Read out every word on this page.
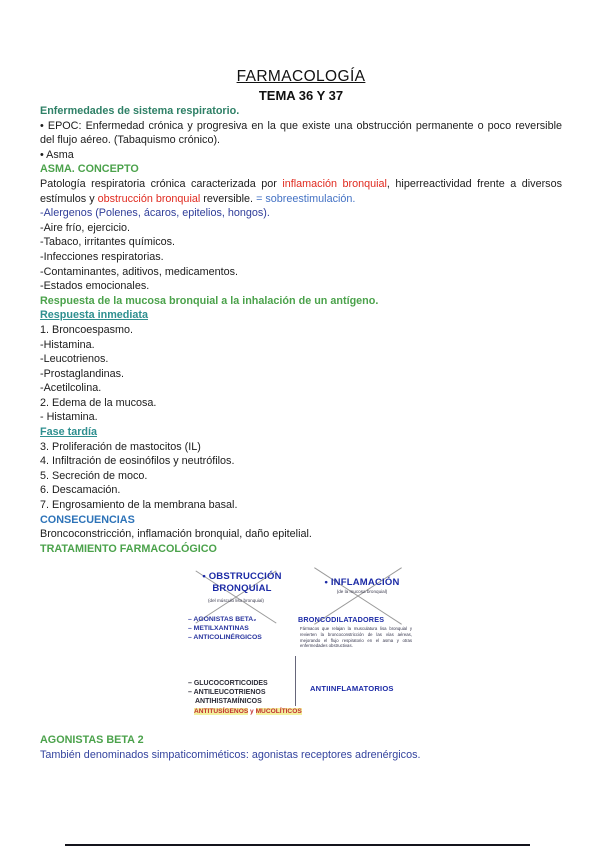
FARMACOLOGÍA
TEMA 36 Y 37

Enfermedades de sistema respiratorio.

• EPOC: Enfermedad crónica y progresiva en la que existe una obstrucción permanente o poco reversible del flujo aéreo. (Tabaquismo crónico).

• Asma

ASMA. CONCEPTO

Patología respiratoria crónica caracterizada por inflamación bronquial, hiperreactividad frente a diversos estímulos y obstrucción bronquial reversible. = sobreestimulación.

-Alergenos (Polenes, ácaros, epitelios, hongos).

-Aire frío, ejercicio.

-Tabaco, irritantes químicos.

-Infecciones respiratorias.

-Contaminantes, aditivos, medicamentos.

-Estados emocionales.

Respuesta de la mucosa bronquial a la inhalación de un antígeno.

Respuesta inmediata

1. Broncoespasmo.

-Histamina.

-Leucotrienos.

-Prostaglandinas.

-Acetilcolina.

2. Edema de la mucosa.

- Histamina.

Fase tardía

3. Proliferación de mastocitos (IL)

4. Infiltración de eosinófilos y neutrófilos.

5. Secreción de moco.

6. Descamación.

7. Engrosamiento de la membrana basal.

CONSECUENCIAS

Broncoconstricción, inflamación bronquial, daño epitelial.

TRATAMIENTO FARMACOLÓGICO

• OBSTRUCCIÓN BRONQUIAL
(del músculo liso bronquial)
• INFLAMACIÓN
(de la mucosa bronquial)

– AGONISTAS BETA₂

– METILXANTINAS

– ANTICOLINÉRGICOS

BRONCODILATADORES
Fármacos que relajan la musculatura lisa bronquial y revierten la broncoconstricción de las vías aéreas, mejorando el flujo respiratorio en el asma y otras enfermedades obstructivas.

– GLUCOCORTICOIDES

– ANTILEUCOTRIENOS

ANTIHISTAMÍNICOS

ANTIINFLAMATORIOS
ANTITUSÍGENOS y MUCOLÍTICOS

AGONISTAS BETA 2

También denominados simpaticomiméticos: agonistas receptores adrenérgicos.
